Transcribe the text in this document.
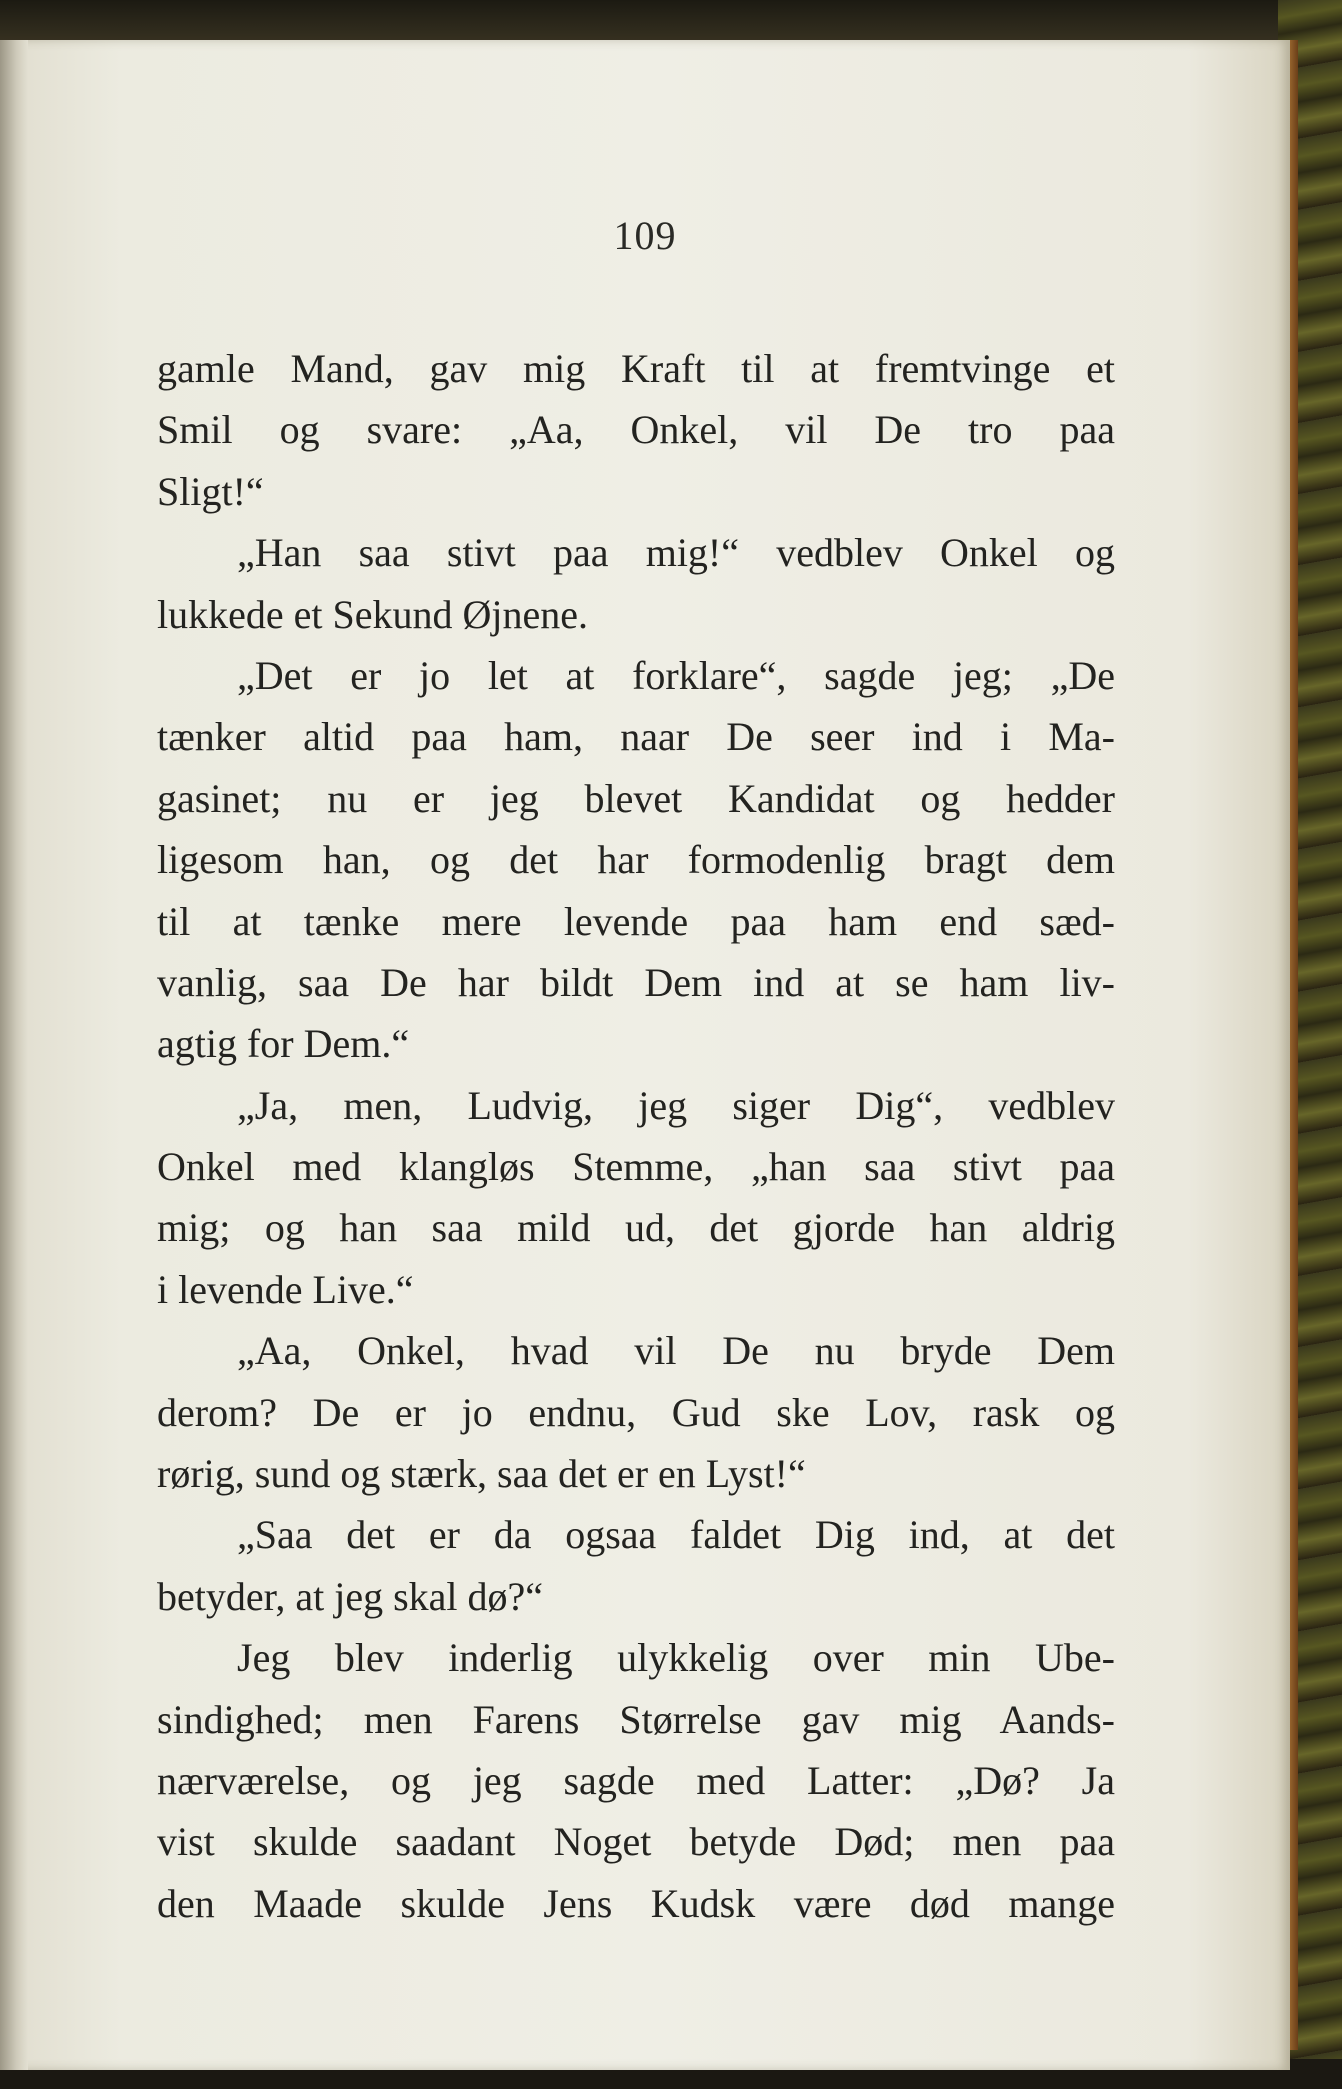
109
gamle Mand, gav mig Kraft til at fremtvinge et
Smil og svare: „Aa, Onkel, vil De tro paa
Sligt!“
„Han saa stivt paa mig!“ vedblev Onkel og
lukkede et Sekund Øjnene.
„Det er jo let at forklare“, sagde jeg; „De
tænker altid paa ham, naar De seer ind i Ma-
gasinet; nu er jeg blevet Kandidat og hedder
ligesom han, og det har formodenlig bragt dem
til at tænke mere levende paa ham end sæd-
vanlig, saa De har bildt Dem ind at se ham liv-
agtig for Dem.“
„Ja, men, Ludvig, jeg siger Dig“, vedblev
Onkel med klangløs Stemme, „han saa stivt paa
mig; og han saa mild ud, det gjorde han aldrig
i levende Live.“
„Aa, Onkel, hvad vil De nu bryde Dem
derom? De er jo endnu, Gud ske Lov, rask og
rørig, sund og stærk, saa det er en Lyst!“
„Saa det er da ogsaa faldet Dig ind, at det
betyder, at jeg skal dø?“
Jeg blev inderlig ulykkelig over min Ube-
sindighed; men Farens Størrelse gav mig Aands-
nærværelse, og jeg sagde med Latter: „Dø? Ja
vist skulde saadant Noget betyde Død; men paa
den Maade skulde Jens Kudsk være død mange
